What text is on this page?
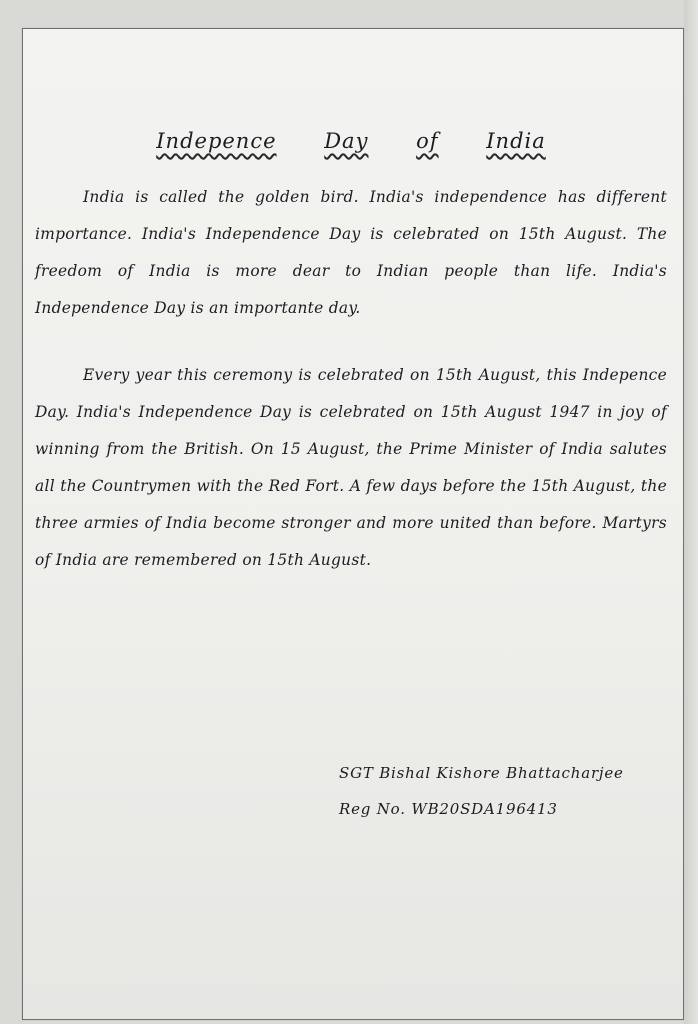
Indepence Day of India

India is called the golden bird. India's independence has different importance. India's Independence Day is celebrated on 15th August. The freedom of India is more dear to Indian people than life. India's Independence Day is an importante day.

Every year this ceremony is celebrated on 15th August, this Indepence Day. India's Independence Day is celebrated on 15th August 1947 in joy of winning from the British. On 15 August, the Prime Minister of India salutes all the Countrymen with the Red Fort. A few days before the 15th August, the three armies of India become stronger and more united than before. Martyrs of India are remembered on 15th August.

SGT Bishal Kishore Bhattacharjee
Reg No. WB20SDA196413
